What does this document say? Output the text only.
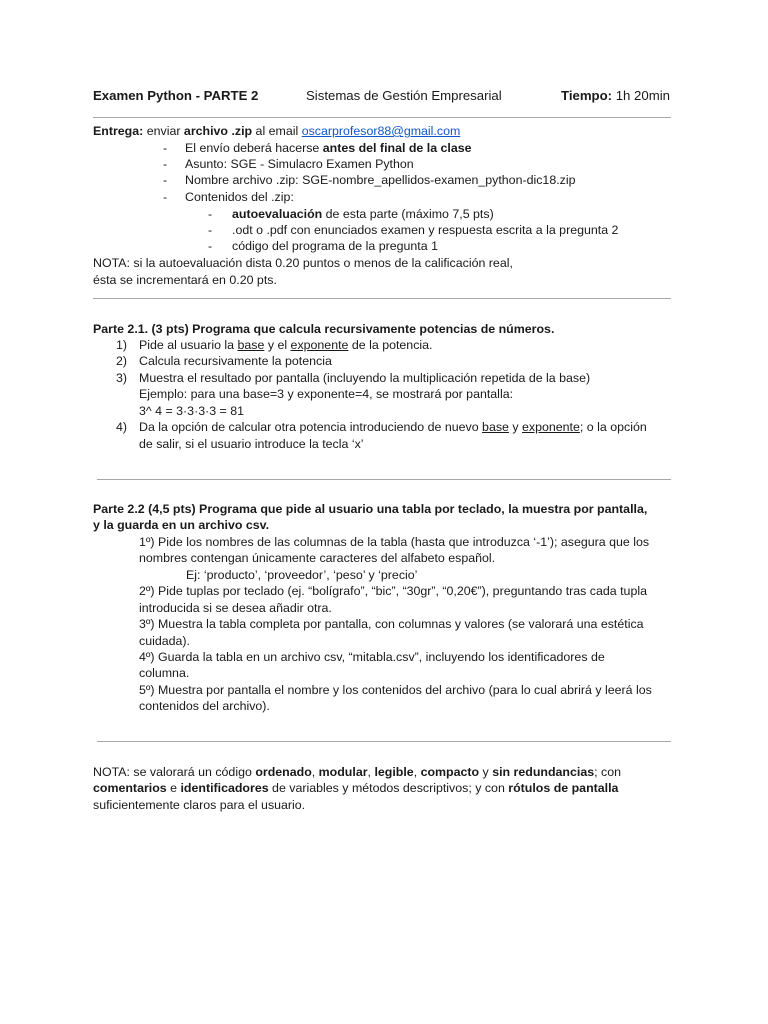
Examen Python - PARTE 2	Sistemas de Gestión Empresarial	Tiempo: 1h 20min
Entrega: enviar archivo .zip al email oscarprofesor88@gmail.com
- El envío deberá hacerse antes del final de la clase
- Asunto: SGE - Simulacro Examen Python
- Nombre archivo .zip: SGE-nombre_apellidos-examen_python-dic18.zip
- Contenidos del .zip:
- autoevaluación de esta parte (máximo 7,5 pts)
- .odt o .pdf con enunciados examen y respuesta escrita a la pregunta 2
- código del programa de la pregunta 1
NOTA: si la autoevaluación dista 0.20 puntos o menos de la calificación real,
ésta se incrementará en 0.20 pts.
Parte 2.1. (3 pts) Programa que calcula recursivamente potencias de números.
1) Pide al usuario la base y el exponente de la potencia.
2) Calcula recursivamente la potencia
3) Muestra el resultado por pantalla (incluyendo la multiplicación repetida de la base)
Ejemplo: para una base=3 y exponente=4, se mostrará por pantalla:
3^ 4 = 3·3·3·3 = 81
4) Da la opción de calcular otra potencia introduciendo de nuevo base y exponente; o la opción
de salir, si el usuario introduce la tecla ‘x’
Parte 2.2 (4,5 pts) Programa que pide al usuario una tabla por teclado, la muestra por pantalla,
y la guarda en un archivo csv.
1º) Pide los nombres de las columnas de la tabla (hasta que introduzca ‘-1’); asegura que los
nombres contengan únicamente caracteres del alfabeto español.
Ej: ‘producto’, ‘proveedor’, ‘peso’ y ‘precio’
2º) Pide tuplas por teclado (ej. “bolígrafo”, “bic”, “30gr”, “0,20€”), preguntando tras cada tupla
introducida si se desea añadir otra.
3º) Muestra la tabla completa por pantalla, con columnas y valores (se valorará una estética
cuidada).
4º) Guarda la tabla en un archivo csv, “mitabla.csv”, incluyendo los identificadores de
columna.
5º) Muestra por pantalla el nombre y los contenidos del archivo (para lo cual abrirá y leerá los
contenidos del archivo).
NOTA: se valorará un código ordenado, modular, legible, compacto y sin redundancias; con
comentarios e identificadores de variables y métodos descriptivos; y con rótulos de pantalla
suficientemente claros para el usuario.
